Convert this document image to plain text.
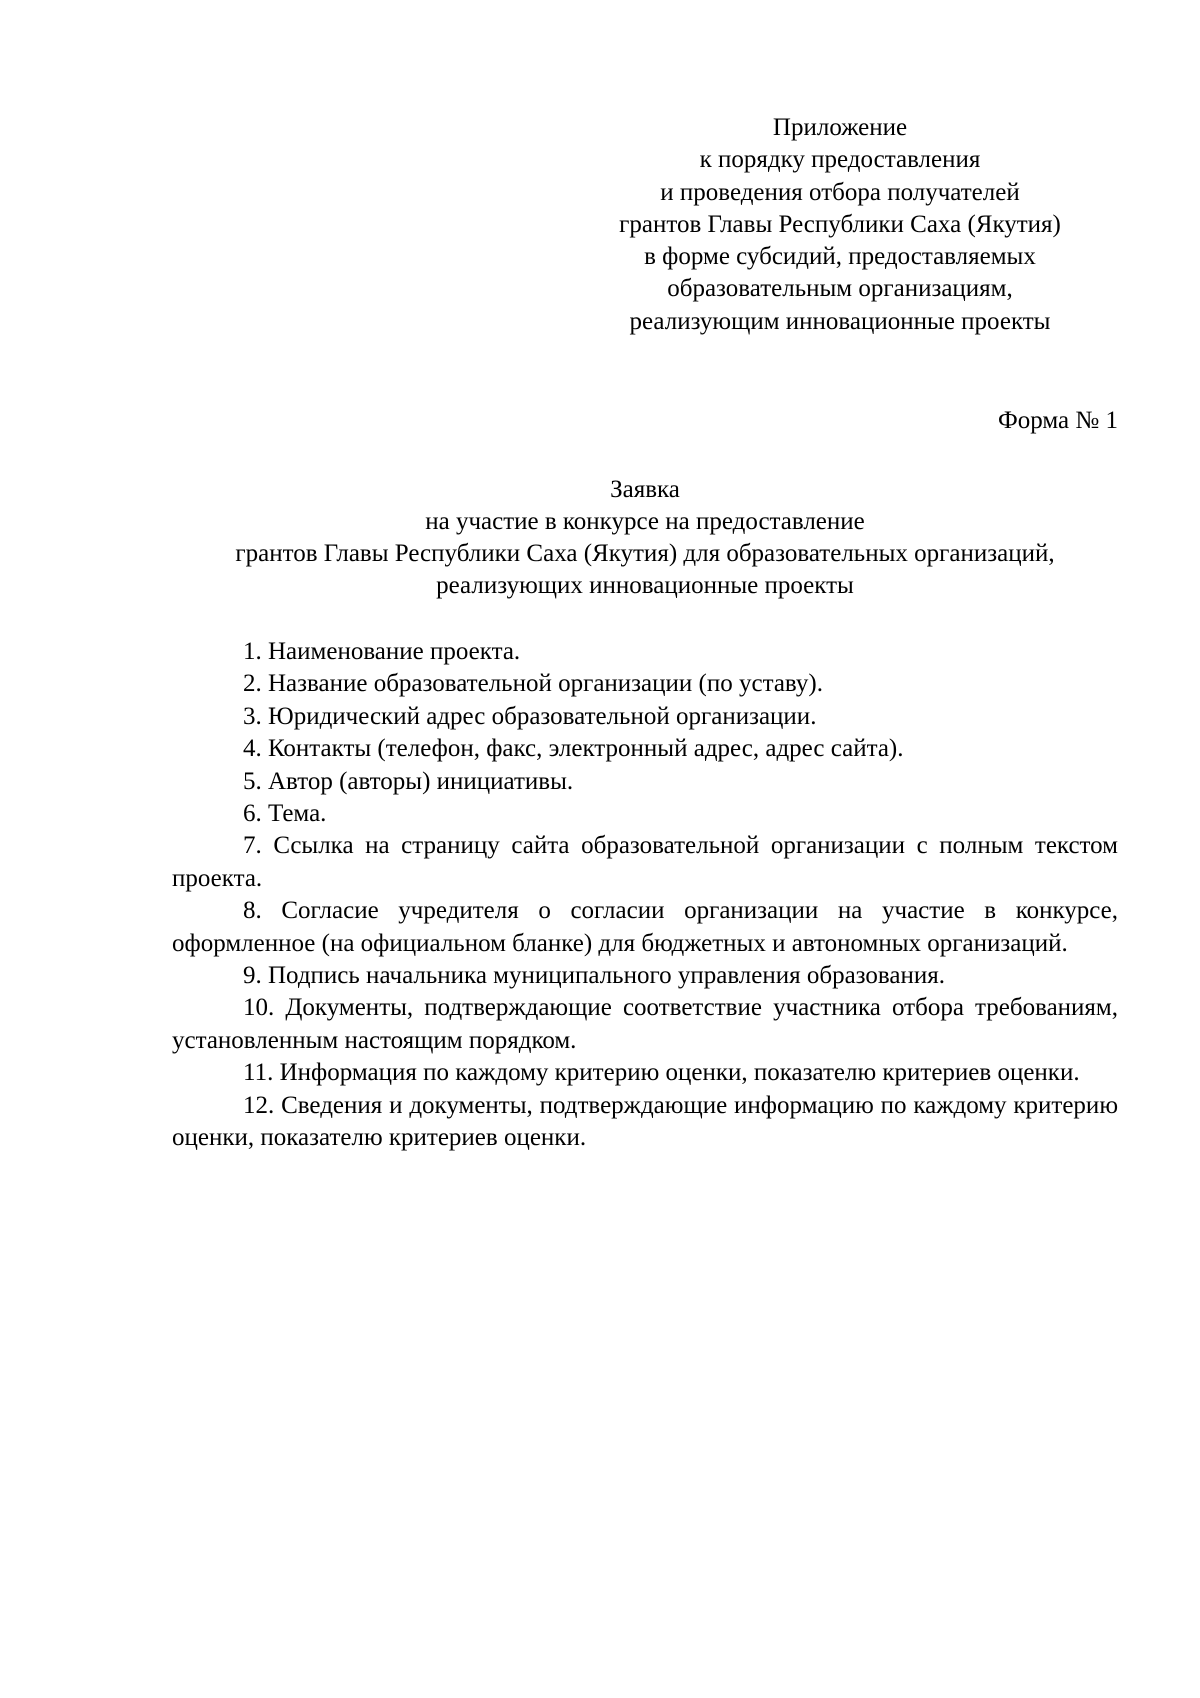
Приложение
к порядку предоставления
и проведения отбора получателей
грантов Главы Республики Саха (Якутия)
в форме субсидий, предоставляемых
образовательным организациям,
реализующим инновационные проекты
Форма № 1
Заявка
на участие в конкурсе на предоставление
грантов Главы Республики Саха (Якутия) для образовательных организаций,
реализующих инновационные проекты

1. Наименование проекта.

2. Название образовательной организации (по уставу).

3. Юридический адрес образовательной организации.

4. Контакты (телефон, факс, электронный адрес, адрес сайта).

5. Автор (авторы) инициативы.

6. Тема.

7. Ссылка на страницу сайта образовательной организации с полным текстом проекта.

8. Согласие учредителя о согласии организации на участие в конкурсе, оформленное (на официальном бланке) для бюджетных и автономных организаций.

9. Подпись начальника муниципального управления образования.

10. Документы, подтверждающие соответствие участника отбора требованиям, установленным настоящим порядком.

11. Информация по каждому критерию оценки, показателю критериев оценки.

12. Сведения и документы, подтверждающие информацию по каждому критерию оценки, показателю критериев оценки.
